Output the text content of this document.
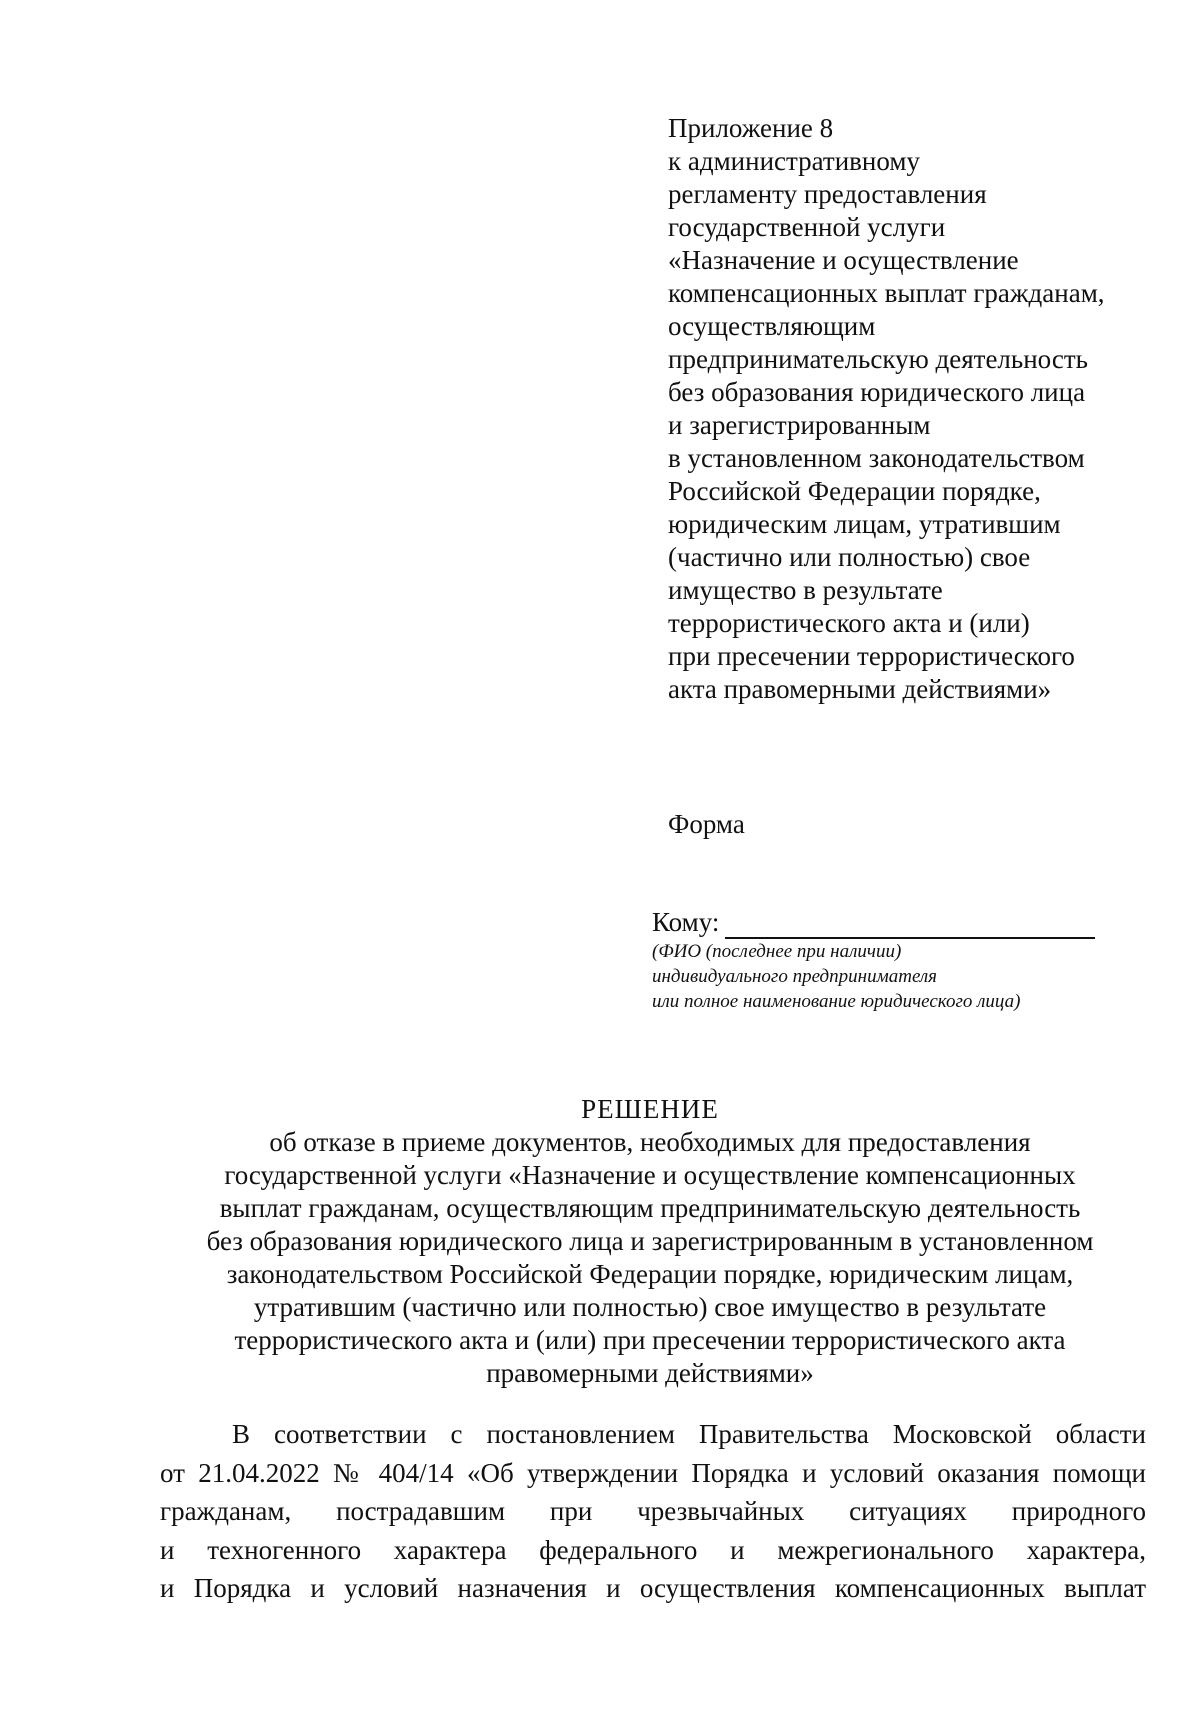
Приложение 8
к административному
регламенту предоставления
государственной услуги
«Назначение и осуществление
компенсационных выплат гражданам,
осуществляющим
предпринимательскую деятельность
без образования юридического лица
и зарегистрированным
в установленном законодательством
Российской Федерации порядке,
юридическим лицам, утратившим
(частично или полностью) свое
имущество в результате
террористического акта и (или)
при пресечении террористического
акта правомерными действиями»
Форма
Кому:
(ФИО (последнее при наличии)
индивидуального предпринимателя
или полное наименование юридического лица)
РЕШЕНИЕ
об отказе в приеме документов, необходимых для предоставления
государственной услуги «Назначение и осуществление компенсационных
выплат гражданам, осуществляющим предпринимательскую деятельность
без образования юридического лица и зарегистрированным в установленном
законодательством Российской Федерации порядке, юридическим лицам,
утратившим (частично или полностью) свое имущество в результате
террористического акта и (или) при пресечении террористического акта
правомерными действиями»
В соответствии с постановлением Правительства Московской области
от 21.04.2022 № 404/14 «Об утверждении Порядка и условий оказания помощи
гражданам, пострадавшим при чрезвычайных ситуациях природного
и техногенного характера федерального и межрегионального характера,
и Порядка и условий назначения и осуществления компенсационных выплат
